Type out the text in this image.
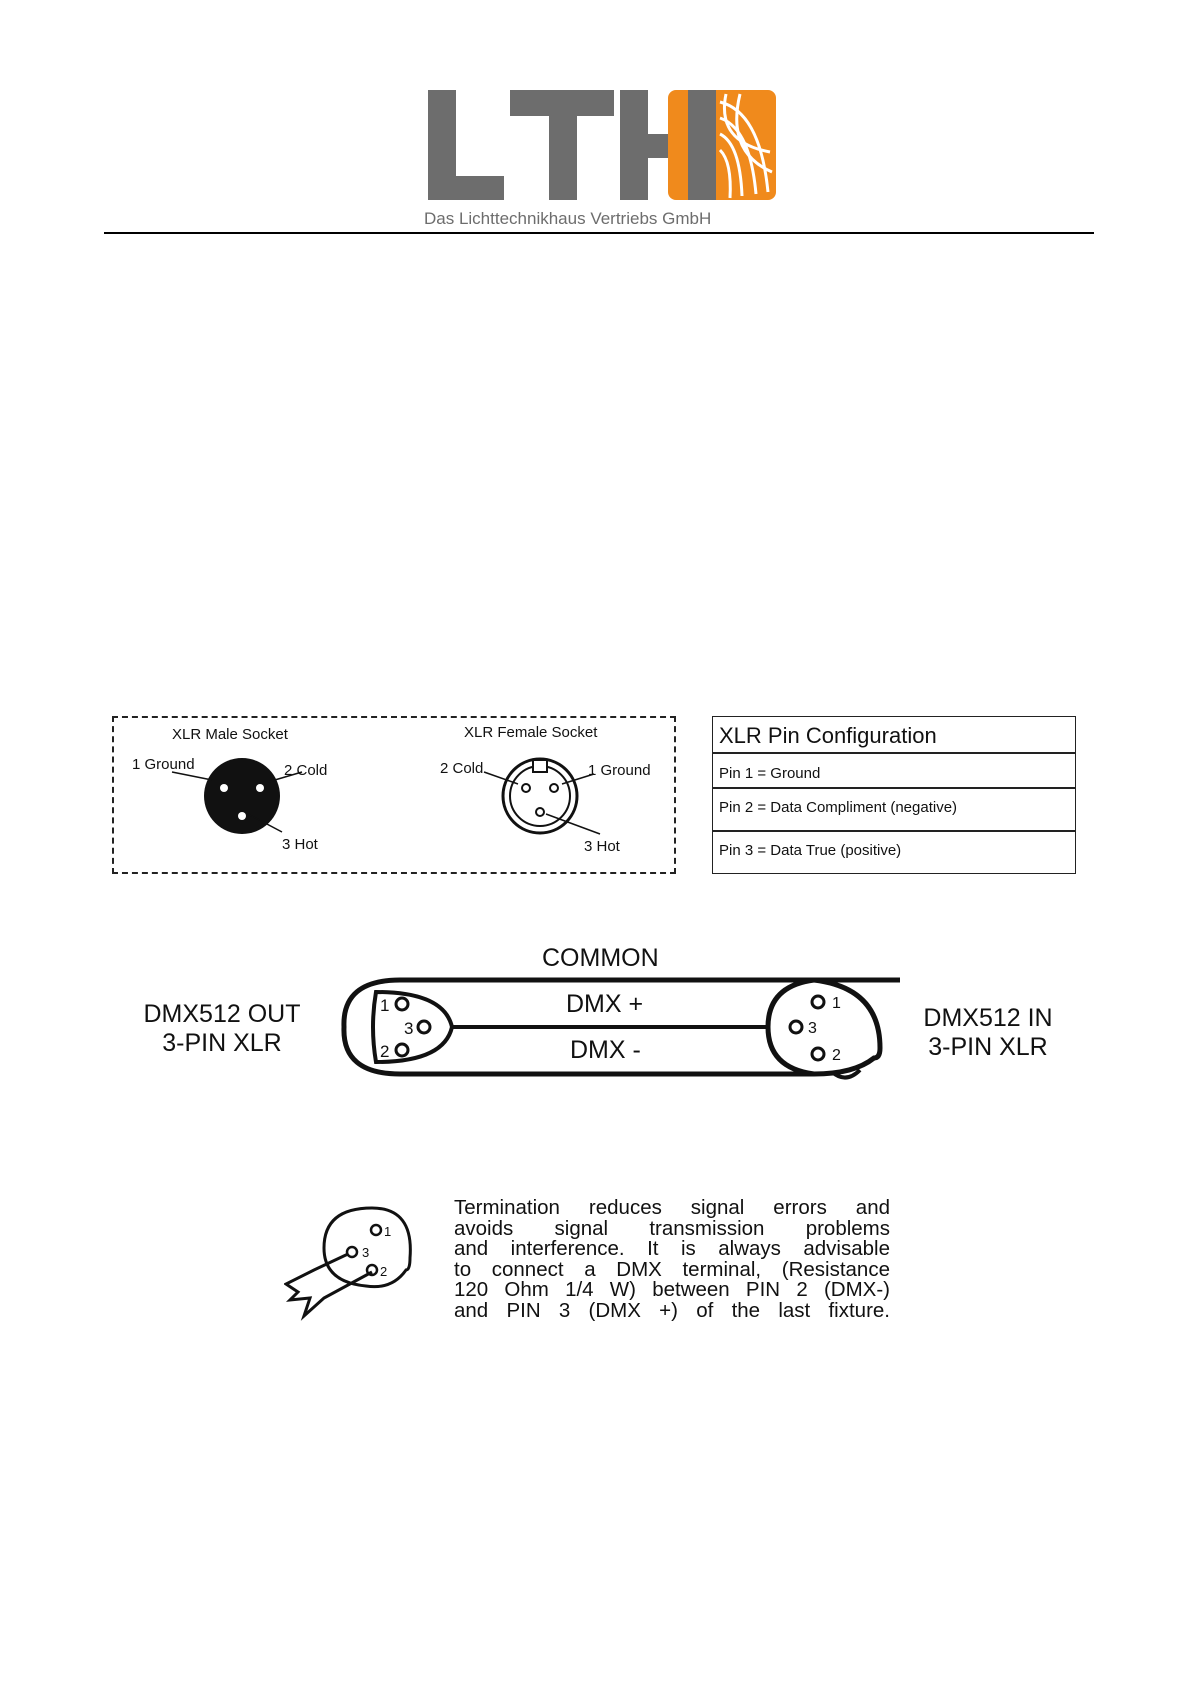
Das Lichttechnikhaus Vertriebs GmbH
XLR Male Socket
1 Ground	2 Cold
3 Hot
XLR Female Socket
2 Cold	1 Ground
3 Hot
XLR Pin Configuration
Pin 1 = Ground
Pin 2 = Data Compliment (negative)
Pin 3 = Data True (positive)
COMMON
1
3
2
1
3
2
DMX +
DMX -
DMX512 OUT
3-PIN XLR
DMX512 IN
3-PIN XLR
1
3
2
Termination reduces signal errors and
avoids signal transmission problems
and interference. It is always advisable
to connect a DMX terminal, (Resistance
120 Ohm 1/4 W) between PIN 2 (DMX-)
and PIN 3 (DMX +) of the last fixture.
